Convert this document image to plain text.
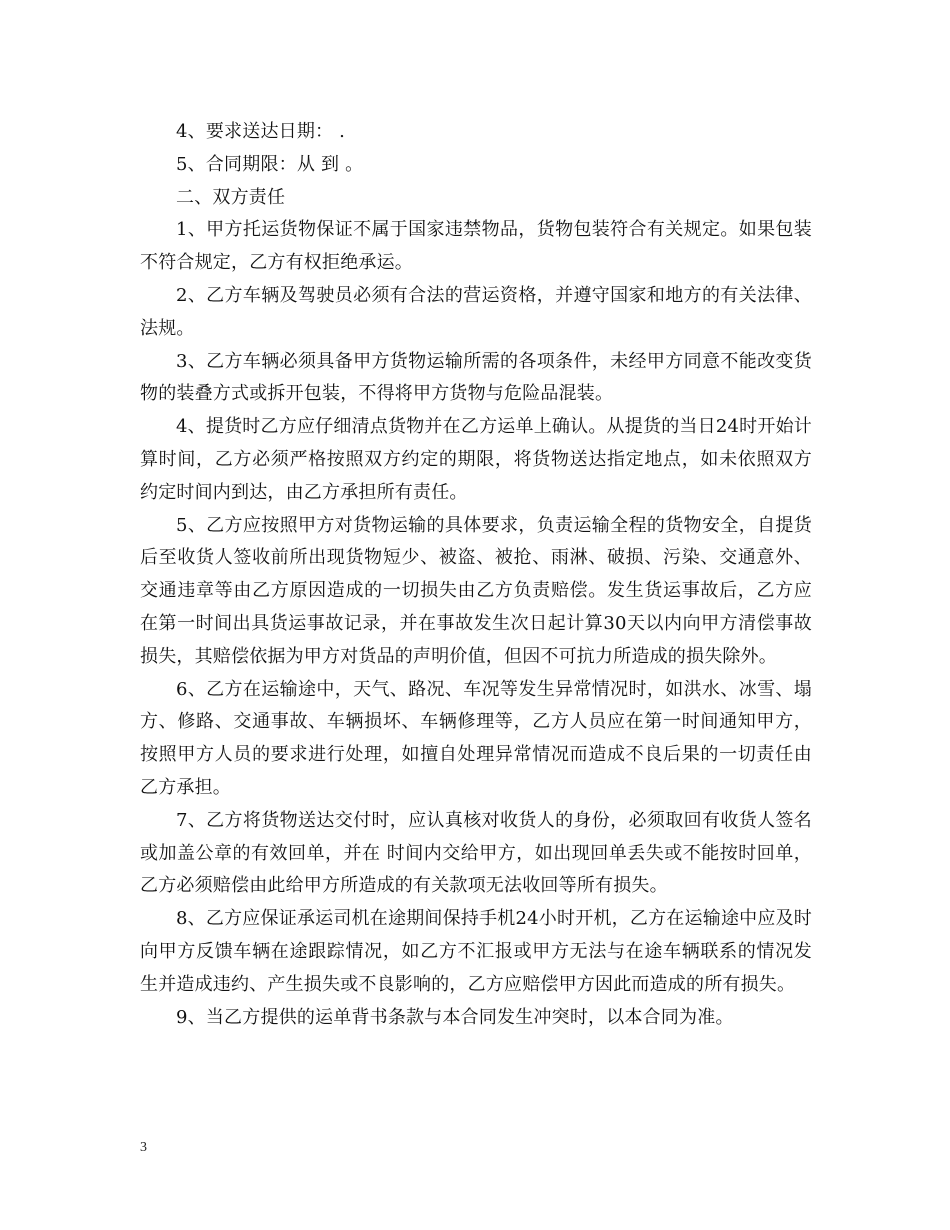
4、要求送达日期： .

5、合同期限：从 到 。

二、双方责任

1、甲方托运货物保证不属于国家违禁物品，货物包装符合有关规定。如果包装不符合规定，乙方有权拒绝承运。

2、乙方车辆及驾驶员必须有合法的营运资格，并遵守国家和地方的有关法律、法规。

3、乙方车辆必须具备甲方货物运输所需的各项条件，未经甲方同意不能改变货物的装叠方式或拆开包装，不得将甲方货物与危险品混装。

4、提货时乙方应仔细清点货物并在乙方运单上确认。从提货的当日24时开始计算时间，乙方必须严格按照双方约定的期限，将货物送达指定地点，如未依照双方约定时间内到达，由乙方承担所有责任。

5、乙方应按照甲方对货物运输的具体要求，负责运输全程的货物安全，自提货后至收货人签收前所出现货物短少、被盗、被抢、雨淋、破损、污染、交通意外、交通违章等由乙方原因造成的一切损失由乙方负责赔偿。发生货运事故后，乙方应在第一时间出具货运事故记录，并在事故发生次日起计算30天以内向甲方清偿事故损失，其赔偿依据为甲方对货品的声明价值，但因不可抗力所造成的损失除外。

6、乙方在运输途中，天气、路况、车况等发生异常情况时，如洪水、冰雪、塌方、修路、交通事故、车辆损坏、车辆修理等，乙方人员应在第一时间通知甲方，按照甲方人员的要求进行处理，如擅自处理异常情况而造成不良后果的一切责任由乙方承担。

7、乙方将货物送达交付时，应认真核对收货人的身份，必须取回有收货人签名或加盖公章的有效回单，并在 时间内交给甲方，如出现回单丢失或不能按时回单，乙方必须赔偿由此给甲方所造成的有关款项无法收回等所有损失。

8、乙方应保证承运司机在途期间保持手机24小时开机，乙方在运输途中应及时向甲方反馈车辆在途跟踪情况，如乙方不汇报或甲方无法与在途车辆联系的情况发生并造成违约、产生损失或不良影响的，乙方应赔偿甲方因此而造成的所有损失。

9、当乙方提供的运单背书条款与本合同发生冲突时，以本合同为准。

3
